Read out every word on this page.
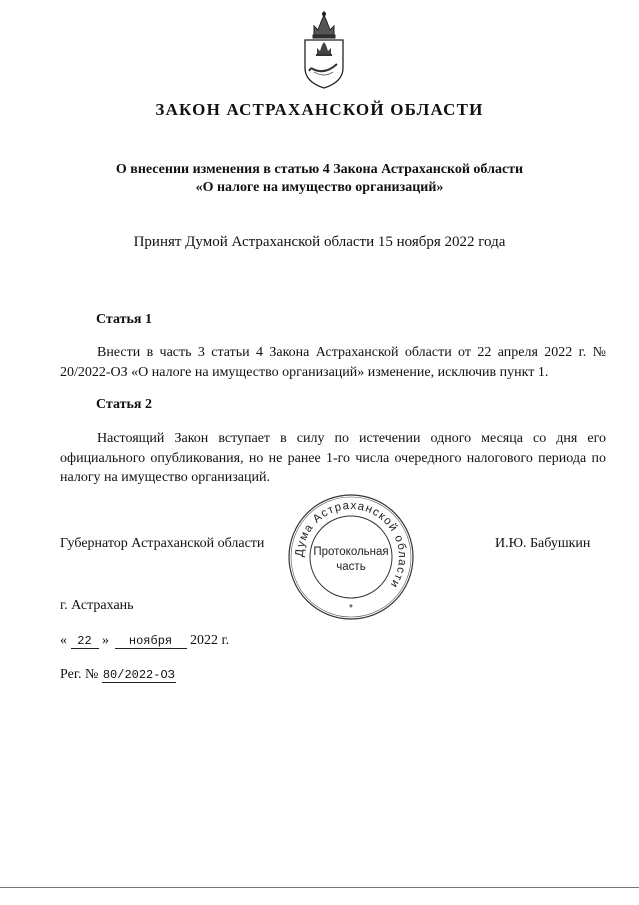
ЗАКОН АСТРАХАНСКОЙ ОБЛАСТИ
О внесении изменения в статью 4 Закона Астраханской области
«О налоге на имущество организаций»
Принят Думой Астраханской области 15 ноября 2022 года
Статья 1
Внести в часть 3 статьи 4 Закона Астраханской области от 22 апреля 2022 г. № 20/2022-ОЗ «О налоге на имущество организаций» изменение, исключив пункт 1.
Статья 2
Настоящий Закон вступает в силу по истечении одного месяца со дня его официального опубликования, но не ранее 1-го числа очередного налогового периода по налогу на имущество организаций.
Губернатор Астраханской области	И.Ю. Бабушкин
Дума Астраханской области
Протокольная
часть
*
г. Астрахань
« 22 » ноября 2022 г.
Рег. № 80/2022-ОЗ
